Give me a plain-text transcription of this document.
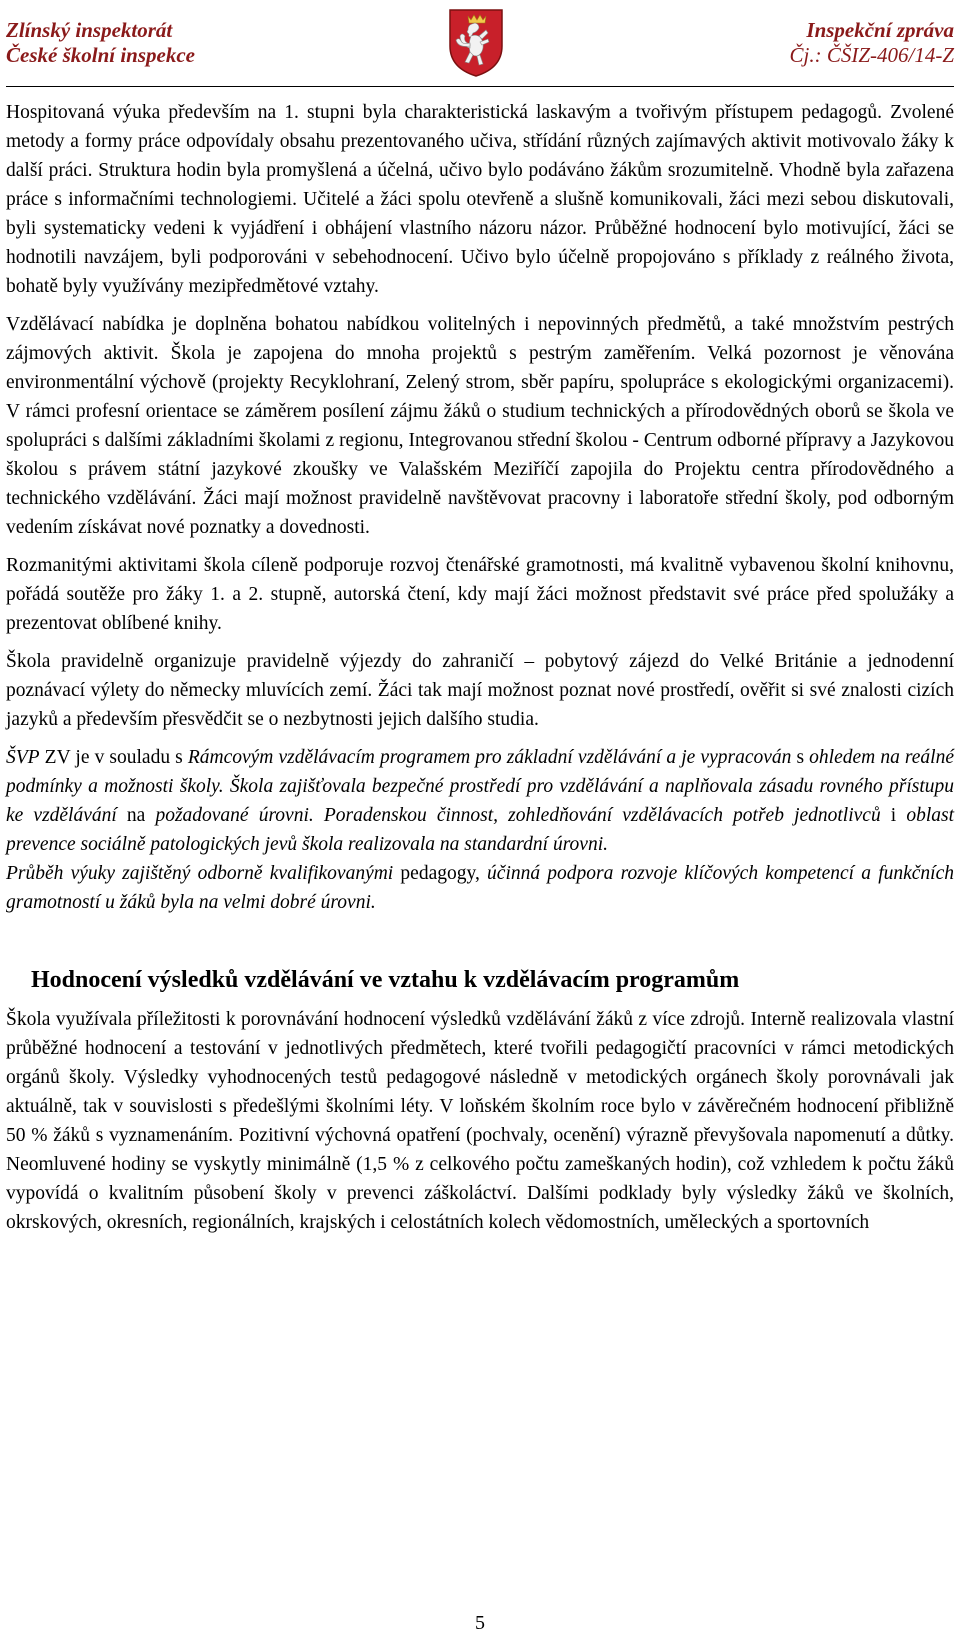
Zlínský inspektorát
České školní inspekce
Inspekční zpráva
Čj.: ČŠIZ-406/14-Z

Hospitovaná výuka především na 1. stupni byla charakteristická laskavým a tvořivým přístupem pedagogů. Zvolené metody a formy práce odpovídaly obsahu prezentovaného učiva, střídání různých zajímavých aktivit motivovalo žáky k další práci. Struktura hodin byla promyšlená a účelná, učivo bylo podáváno žákům srozumitelně. Vhodně byla zařazena práce s informačními technologiemi. Učitelé a žáci spolu otevřeně a slušně komunikovali, žáci mezi sebou diskutovali, byli systematicky vedeni k vyjádření i obhájení vlastního názoru názor. Průběžné hodnocení bylo motivující, žáci se hodnotili navzájem, byli podporováni v sebehodnocení. Učivo bylo účelně propojováno s příklady z reálného života, bohatě byly využívány mezipředmětové vztahy.

Vzdělávací nabídka je doplněna bohatou nabídkou volitelných i nepovinných předmětů, a také množstvím pestrých zájmových aktivit. Škola je zapojena do mnoha projektů s pestrým zaměřením. Velká pozornost je věnována environmentální výchově (projekty Recyklohraní, Zelený strom, sběr papíru, spolupráce s ekologickými organizacemi). V rámci profesní orientace se záměrem posílení zájmu žáků o studium technických a přírodovědných oborů se škola ve spolupráci s dalšími základními školami z regionu, Integrovanou střední školou - Centrum odborné přípravy a Jazykovou školou s právem státní jazykové zkoušky ve Valašském Meziříčí zapojila do Projektu centra přírodovědného a technického vzdělávání. Žáci mají možnost pravidelně navštěvovat pracovny i laboratoře střední školy, pod odborným vedením získávat nové poznatky a dovednosti.

Rozmanitými aktivitami škola cíleně podporuje rozvoj čtenářské gramotnosti, má kvalitně vybavenou školní knihovnu, pořádá soutěže pro žáky 1. a 2. stupně, autorská čtení, kdy mají žáci možnost představit své práce před spolužáky a prezentovat oblíbené knihy.

Škola pravidelně organizuje pravidelně výjezdy do zahraničí – pobytový zájezd do Velké Británie a jednodenní poznávací výlety do německy mluvících zemí. Žáci tak mají možnost poznat nové prostředí, ověřit si své znalosti cizích jazyků a především přesvědčit se o nezbytnosti jejich dalšího studia.

ŠVP ZV je v souladu s Rámcovým vzdělávacím programem pro základní vzdělávání a je vypracován s ohledem na reálné podmínky a možnosti školy. Škola zajišťovala bezpečné prostředí pro vzdělávání a naplňovala zásadu rovného přístupu ke vzdělávání na požadované úrovni. Poradenskou činnost, zohledňování vzdělávacích potřeb jednotlivců i oblast prevence sociálně patologických jevů škola realizovala na standardní úrovni.

Průběh výuky zajištěný odborně kvalifikovanými pedagogy, účinná podpora rozvoje klíčových kompetencí a funkčních gramotností u žáků byla na velmi dobré úrovni.

Hodnocení výsledků vzdělávání ve vztahu k vzdělávacím programům

Škola využívala příležitosti k porovnávání hodnocení výsledků vzdělávání žáků z více zdrojů. Interně realizovala vlastní průběžné hodnocení a testování v jednotlivých předmětech, které tvořili pedagogičtí pracovníci v rámci metodických orgánů školy. Výsledky vyhodnocených testů pedagogové následně v metodických orgánech školy porovnávali jak aktuálně, tak v souvislosti s předešlými školními léty. V loňském školním roce bylo v závěrečném hodnocení přibližně 50 % žáků s vyznamenáním. Pozitivní výchovná opatření (pochvaly, ocenění) výrazně převyšovala napomenutí a důtky. Neomluvené hodiny se vyskytly minimálně (1,5 % z celkového počtu zameškaných hodin), což vzhledem k počtu žáků vypovídá o kvalitním působení školy v prevenci záškoláctví. Dalšími podklady byly výsledky žáků ve školních, okrskových, okresních, regionálních, krajských i celostátních kolech vědomostních, uměleckých a sportovních

5
